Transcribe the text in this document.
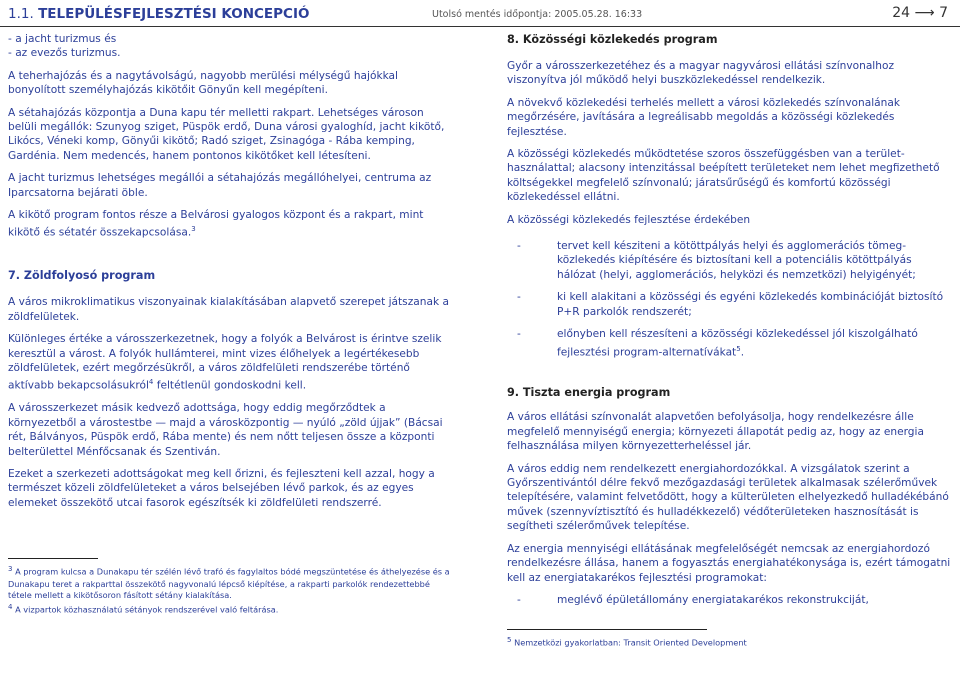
1.1. TELEPÜLÉSFEJLESZTÉSI KONCEPCIÓ	Utolsó mentés időpontja: 2005.05.28. 16:33	24 ⟶ 7

- a jacht turizmus és

- az evezős turizmus.

A teherhajózás és a nagytávolságú, nagyobb merülési mélységű hajókkal bonyolított személyhajózás kikötőit Gönyűn kell megépíteni.

A sétahajózás központja a Duna kapu tér melletti rakpart. Lehetséges városon belüli megállók: Szunyog sziget, Püspök erdő, Duna városi gyaloghíd, jacht kikötő, Likócs, Véneki komp, Gönyűi kikötő; Radó sziget, Zsinagóga - Rába kemping, Gardénia. Nem medencés, hanem pontonos kikötőket kell létesíteni.

A jacht turizmus lehetséges megállói a sétahajózás megállóhelyei, centruma az Iparcsatorna bejárati öble.

A kikötő program fontos része a Belvárosi gyalogos központ és a rakpart, mint kikötő és sétatér összekapcsolása.$^3$

7. Zöldfolyosó program

A város mikroklimatikus viszonyainak kialakításában alapvető szerepet játszanak a zöldfelületek.

Különleges értéke a városszerkezetnek, hogy a folyók a Belvárost is érintve szelik keresztül a várost. A folyók hullámterei, mint vizes élőhelyek a legértékesebb zöldfelületek, ezért megőrzésükről, a város zöldfelületi rendszerébe történő aktívabb bekapcsolásukról$^4$ feltétlenül gondoskodni kell.

A városszerkezet másik kedvező adottsága, hogy eddig megőrződtek a környezetből a várostestbe — majd a városközpontig — nyúló „zöld újjak” (Bácsai rét, Bálványos, Püspök erdő, Rába mente) és nem nőtt teljesen össze a központi belterülettel Ménfőcsanak és Szentiván.

Ezeket a szerkezeti adottságokat meg kell őrizni, és fejleszteni kell azzal, hogy a természet közeli zöldfelületeket a város belsejében lévő parkok, és az egyes elemeket összekötő utcai fasorok egészítsék ki zöldfelületi rendszerré.

3 A program kulcsa a Dunakapu tér szélén lévő trafó és fagylaltos bódé megszüntetése és áthelyezése és a Dunakapu teret a rakparttal összekötő nagyvonalú lépcső kiépítése, a rakparti parkolók rendezettebbé tétele mellett a kikötősoron fásított sétány kialakítása.

4 A vizpartok közhasználatú sétányok rendszerével való feltárása.

8. Közösségi közlekedés program

Győr a városszerkezetéhez és a magyar nagyvárosi ellátási színvonalhoz viszonyítva jól működő helyi buszközlekedéssel rendelkezik.

A növekvő közlekedési terhelés mellett a városi közlekedés színvonalának megőrzésére, javítására a legreálisabb megoldás a közösségi közlekedés fejlesztése.

A közösségi közlekedés működtetése szoros összefüggésben van a területhasználattal; alacsony intenzitással beépített területeket nem lehet megfizethető költségekkel megfelelő színvonalú; járatsűrűségű és komfortú közösségi közlekedéssel ellátni.

A közösségi közlekedés fejlesztése érdekében

-	tervet kell késziteni a kötöttpályás helyi és agglomerációs tömegközlekedés kiépítésére és biztosítani kell a potenciális kötöttpályás hálózat (helyi, agglomerációs, helyközi és nemzetközi) helyigényét;
-	ki kell alakitani a közösségi és egyéni közlekedés kombinációját biztosító P+R parkolók rendszerét;
-	előnyben kell részesíteni a közösségi közlekedéssel jól kiszolgálható fejlesztési program-alternatívákat$^5$.
9. Tiszta energia program

A város ellátási színvonalát alapvetően befolyásolja, hogy rendelkezésre álle megfelelő mennyiségű energia; környezeti állapotát pedig az, hogy az energia felhasználása milyen környezetterheléssel jár.

A város eddig nem rendelkezett energiahordozókkal. A vizsgálatok szerint a Győrszentivántól délre fekvő mezőgazdasági területek alkalmasak szélerőművek telepítésére, valamint felvetődött, hogy a külterületen elhelyezkedő hulladékébánó művek (szennyvíztisztító és hulladékkezelő) védőterületeken hasznosítását is segítheti szélerőművek telepítése.

Az energia mennyiségi ellátásának megfelelőségét nemcsak az energiahordozó rendelkezésre állása, hanem a fogyasztás energiahatékonysága is, ezért támogatni kell az energiatakarékos fejlesztési programokat:

-	meglévő épületállomány energiatakarékos rekonstrukciját,

5 Nemzetközi gyakorlatban: Transit Oriented Development
